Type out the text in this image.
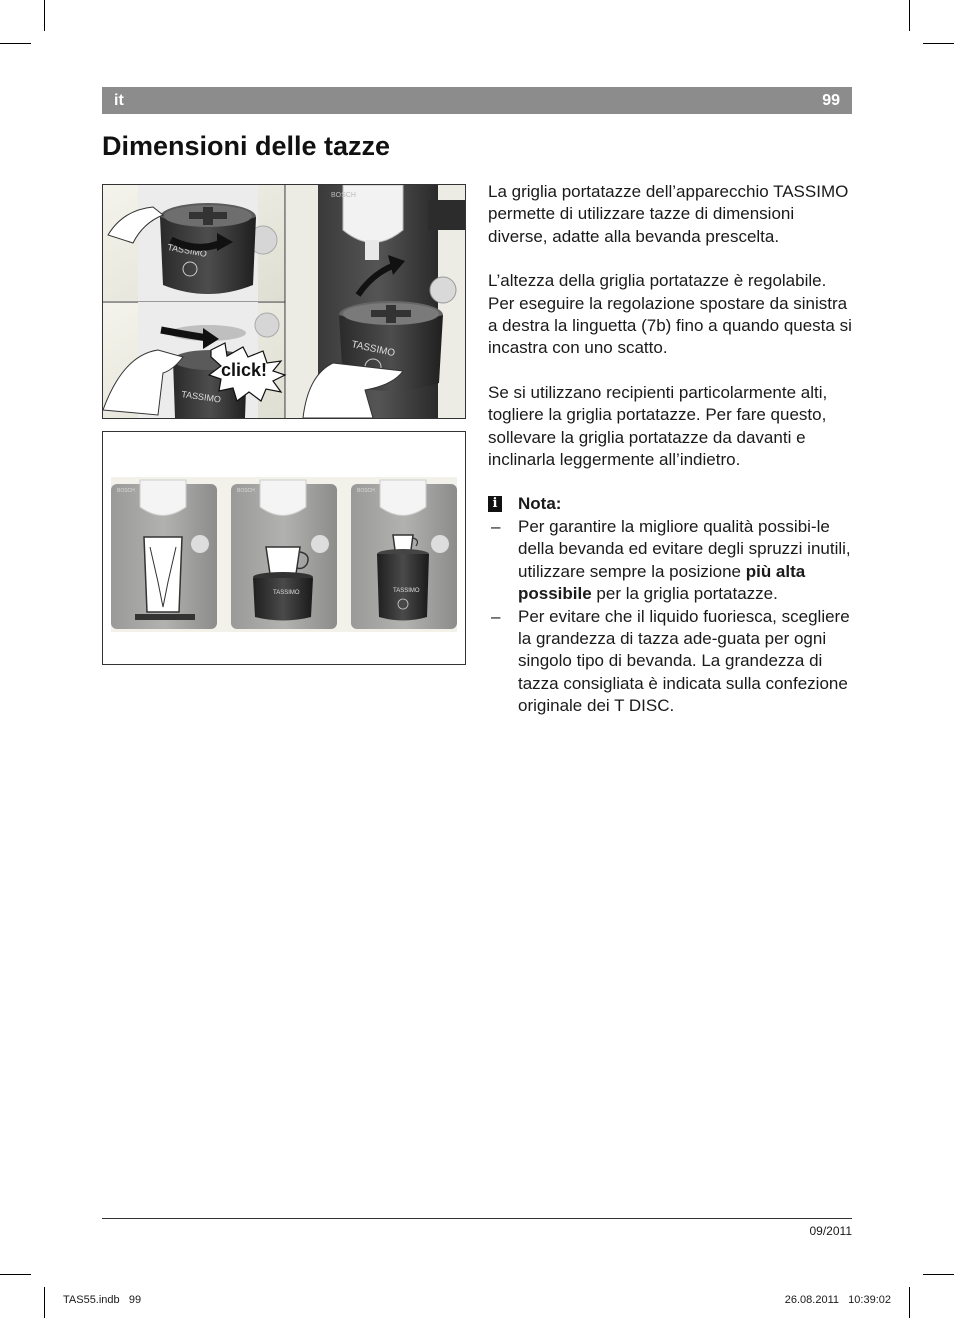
it	99
Dimensioni delle tazze
TASSIMO
TASSIMO
click!
BOSCH
TASSIMO
BOSCH	BOSCH
TASSIMO
BOSCH
TASSIMO

La griglia portatazze dell’apparecchio TASSIMO permette di utilizzare tazze di dimensioni diverse, adatte alla bevanda prescelta.

L’altezza della griglia portatazze è regolabile. Per eseguire la regolazione spostare da sinistra a destra la linguetta (7b) fino a quando questa si incastra con uno scatto.

Se si utilizzano recipienti particolarmente alti, togliere la griglia portatazze. Per fare questo, sollevare la griglia portatazze da davanti e inclinarla leggermente all’indietro.

i Nota:
– Per garantire la migliore qualità possibi-le della bevanda ed evitare degli spruzzi inutili, utilizzare sempre la posizione più alta possibile per la griglia portatazze.
– Per evitare che il liquido fuoriesca, scegliere la grandezza di tazza ade-guata per ogni singolo tipo di bevanda. La grandezza di tazza consigliata è indicata sulla confezione originale dei T DISC.
09/2011
TAS55.indb   99	26.08.2011   10:39:02
